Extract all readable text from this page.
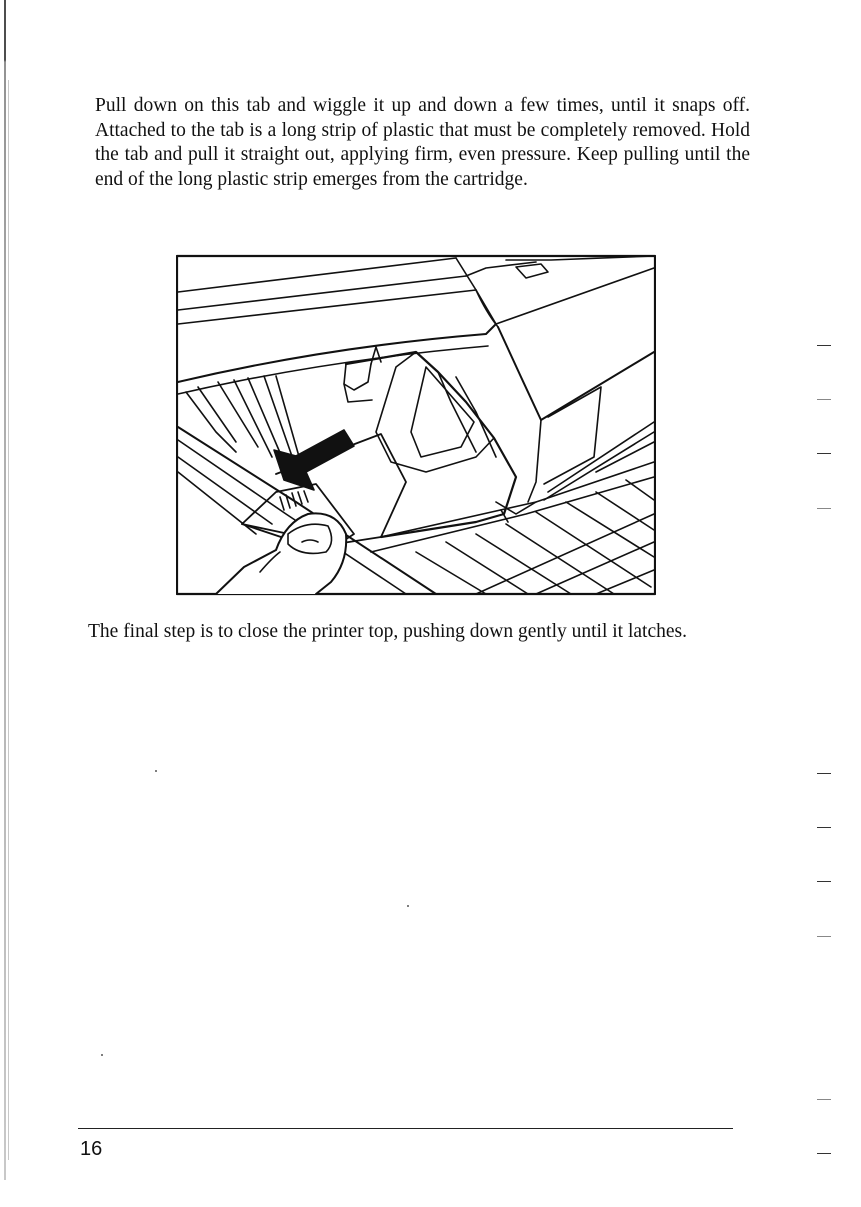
Pull down on this tab and wiggle it up and down a few times, until it snaps off. Attached to the tab is a long strip of plastic that must be completely removed. Hold the tab and pull it straight out, applying firm, even pressure. Keep pulling until the end of the long plastic strip emerges from the cartridge.

The final step is to close the printer top, pushing down gently until it latches.

16
